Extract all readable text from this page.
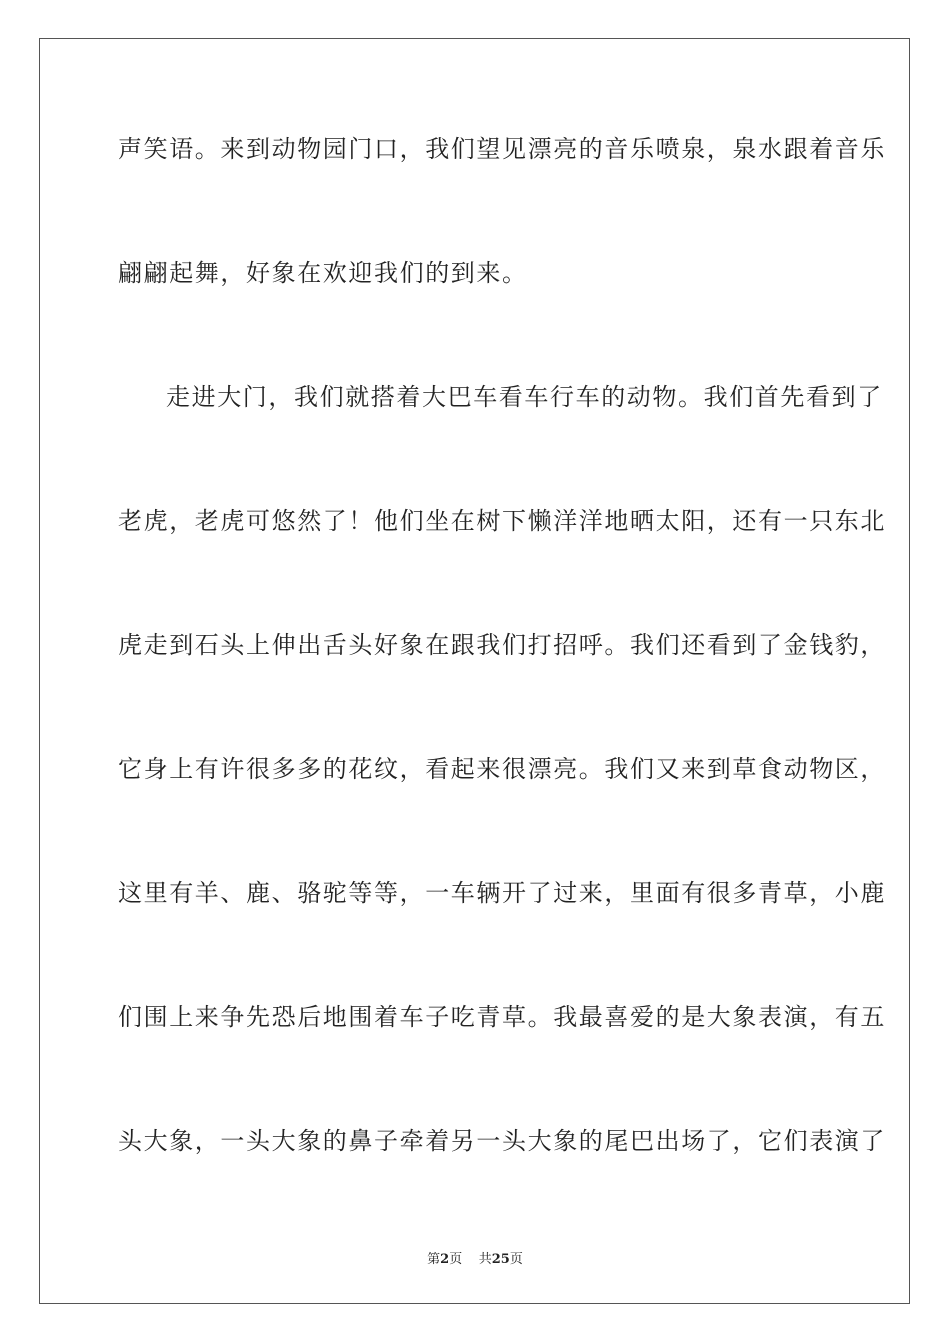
声笑语。来到动物园门口，我们望见漂亮的音乐喷泉，泉水跟着音乐
翩翩起舞，好象在欢迎我们的到来。
走进大门，我们就搭着大巴车看车行车的动物。我们首先看到了
老虎，老虎可悠然了！他们坐在树下懒洋洋地晒太阳，还有一只东北
虎走到石头上伸出舌头好象在跟我们打招呼。我们还看到了金钱豹，
它身上有许很多多的花纹，看起来很漂亮。我们又来到草食动物区，
这里有羊、鹿、骆驼等等，一车辆开了过来，里面有很多青草，小鹿
们围上来争先恐后地围着车子吃青草。我最喜爱的是大象表演，有五
头大象，一头大象的鼻子牵着另一头大象的尾巴出场了，它们表演了
第2页 共25页
